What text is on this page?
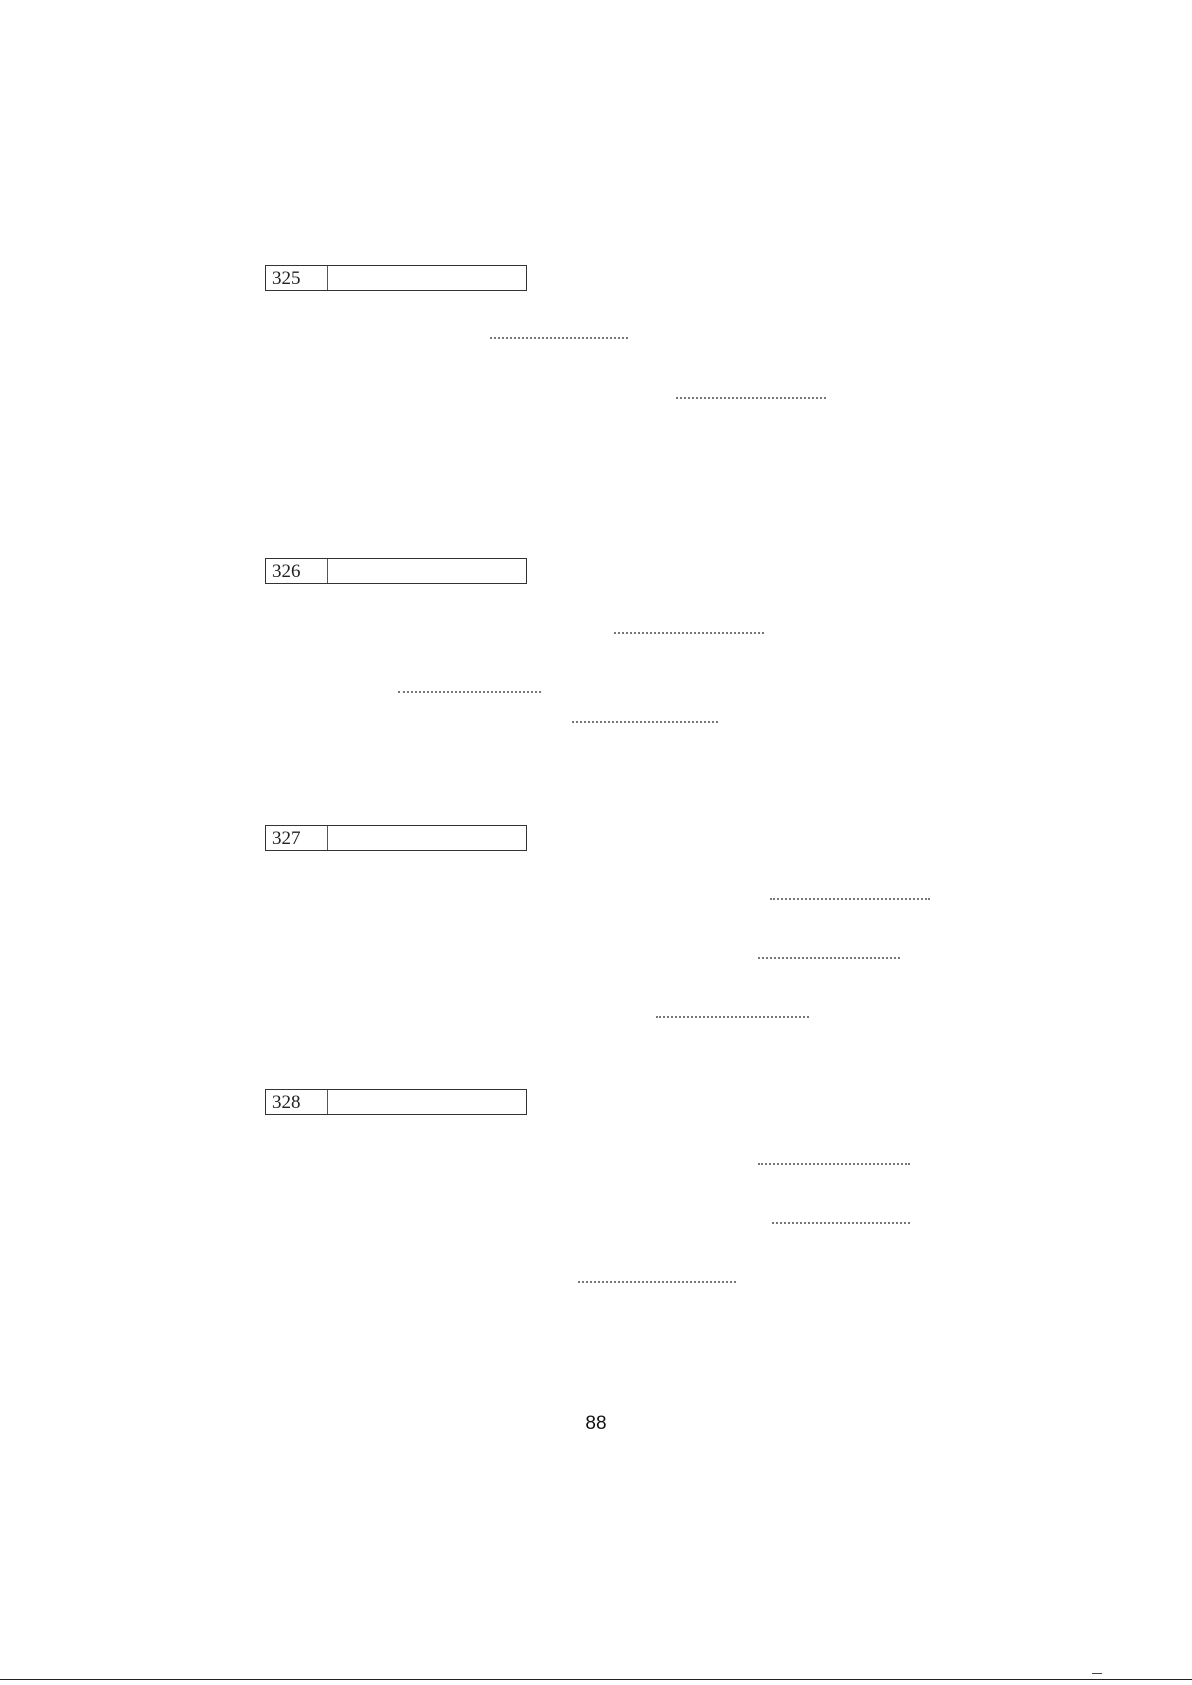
325
326
327
328
88
